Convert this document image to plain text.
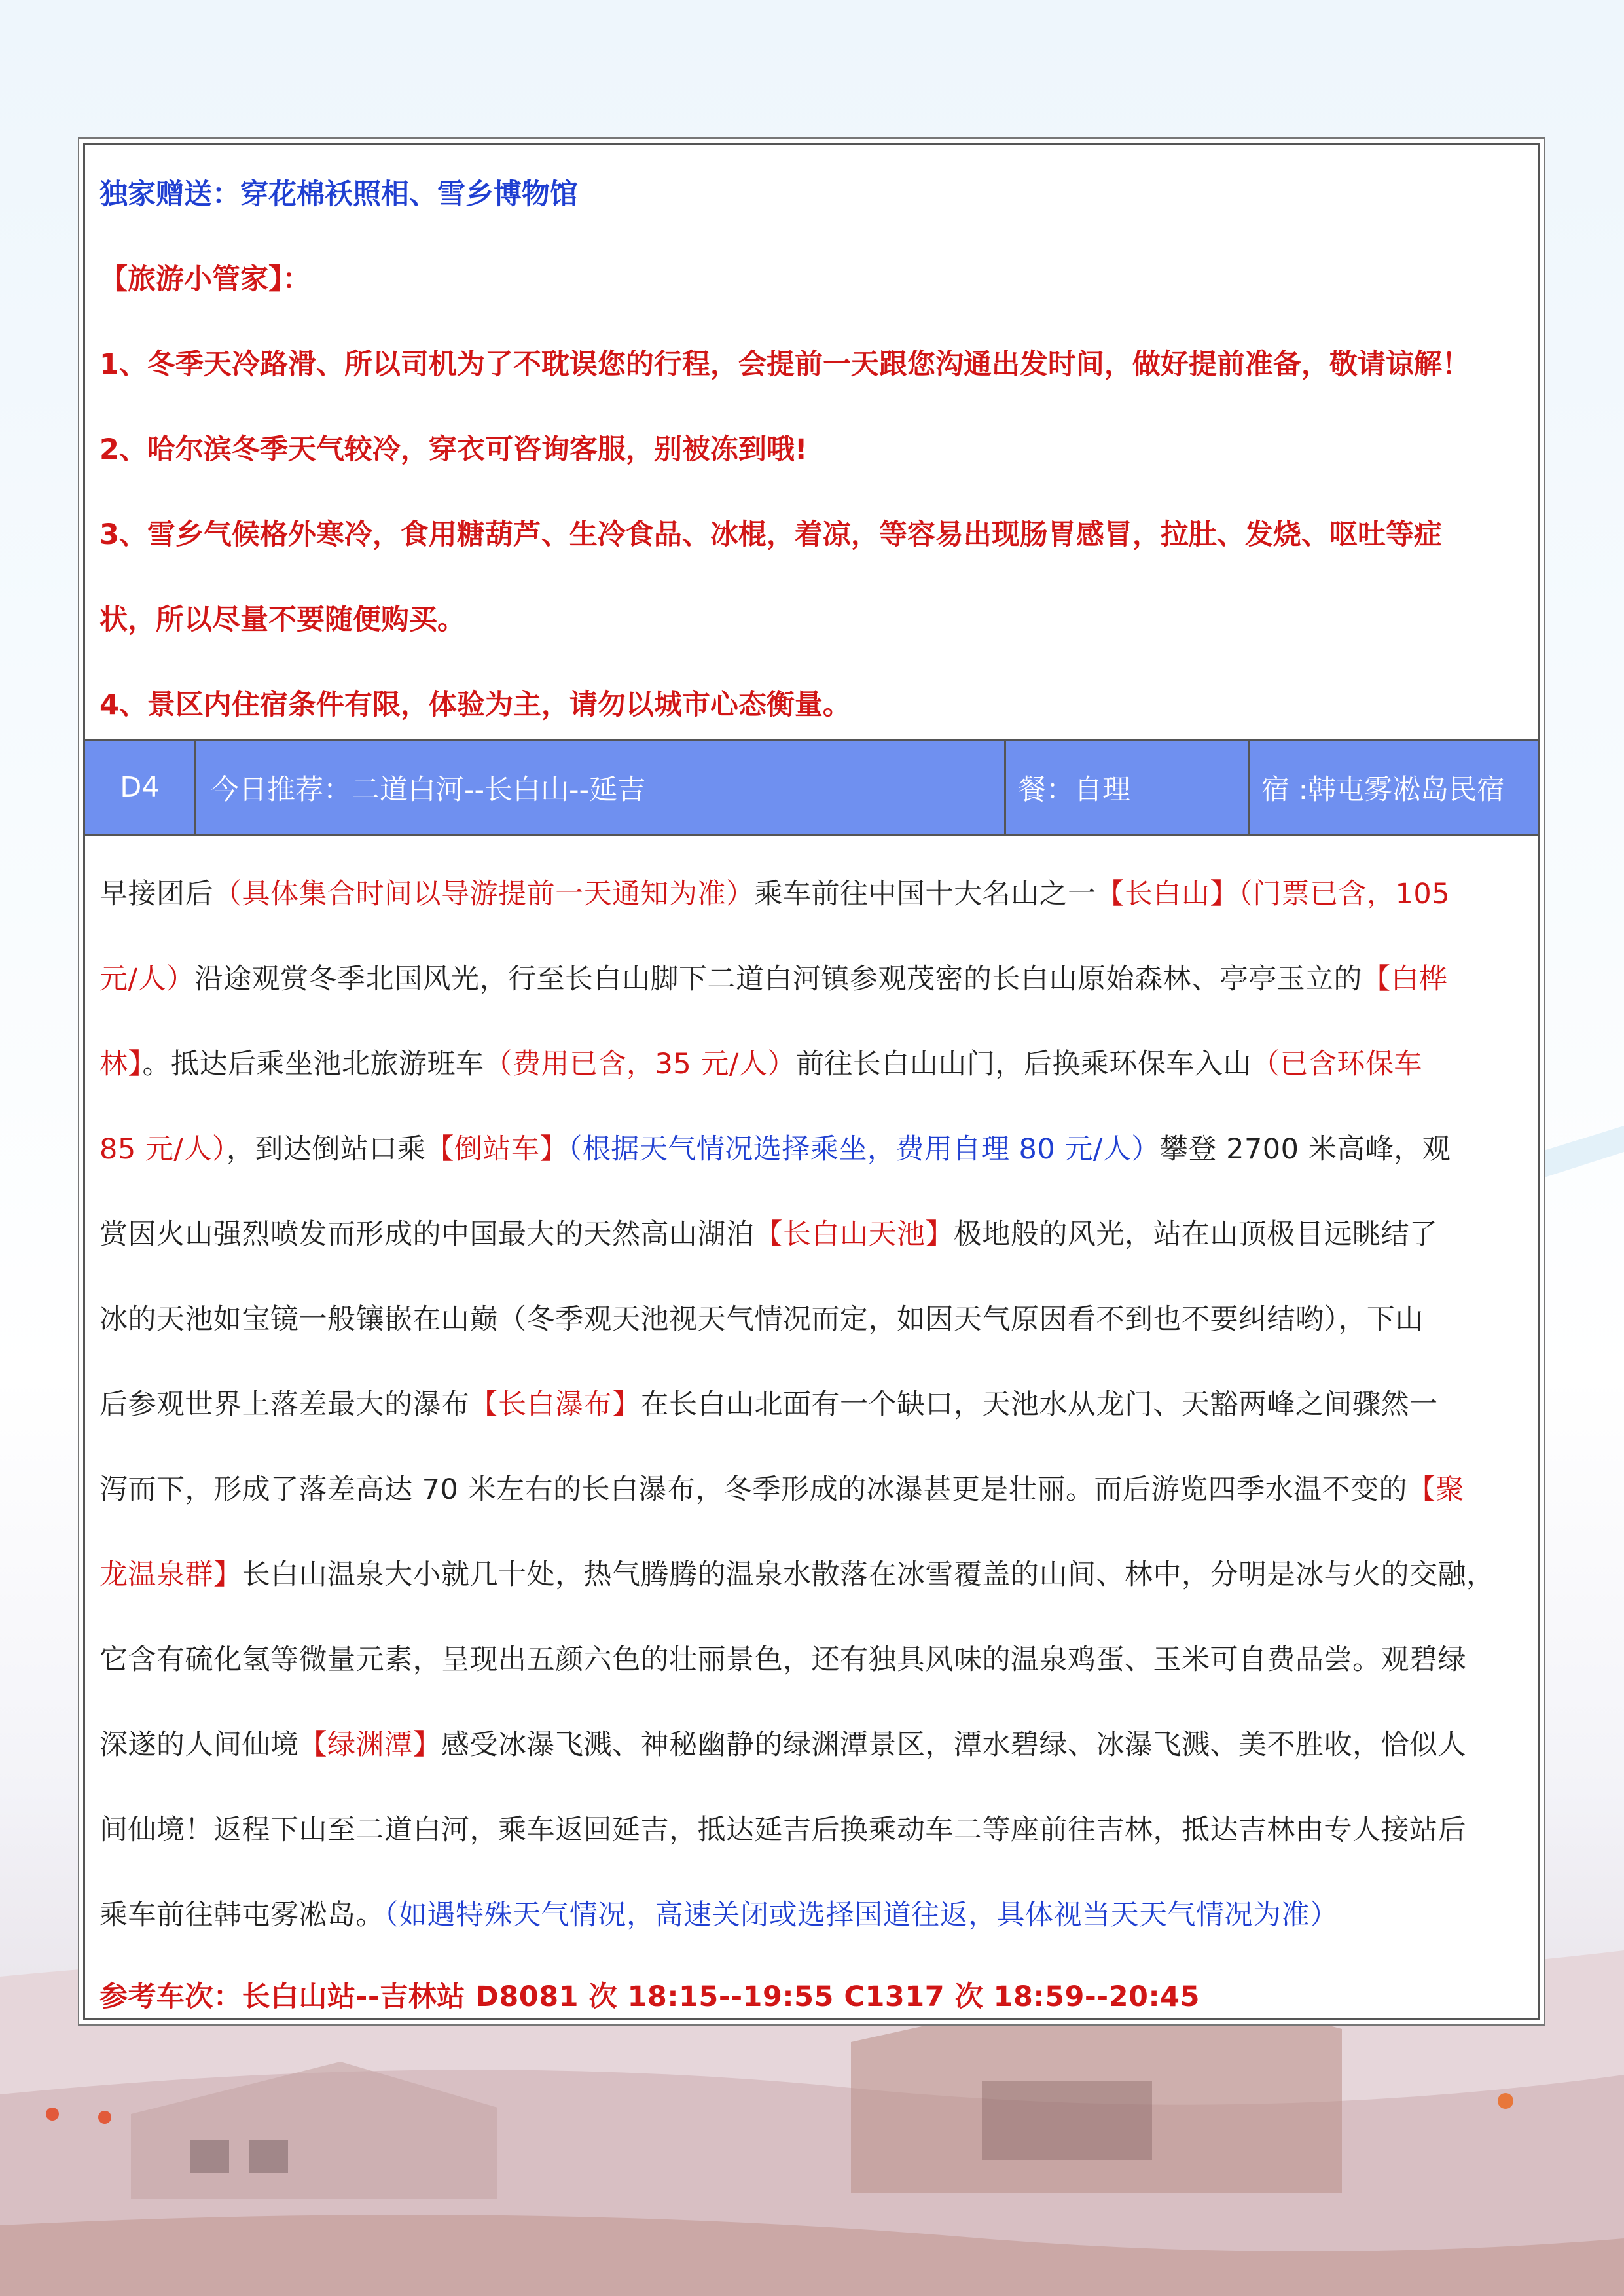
独家赠送：穿花棉袄照相、雪乡博物馆
【旅游小管家】：
1、冬季天冷路滑、所以司机为了不耽误您的行程，会提前一天跟您沟通出发时间，做好提前准备，敬请谅解！
2、哈尔滨冬季天气较冷，穿衣可咨询客服，别被冻到哦!
3、雪乡气候格外寒冷，食用糖葫芦、生冷食品、冰棍，着凉，等容易出现肠胃感冒，拉肚、发烧、呕吐等症
状，所以尽量不要随便购买。
4、景区内住宿条件有限，体验为主，请勿以城市心态衡量。
D4	今日推荐：二道白河--长白山--延吉	餐：自理	宿 :韩屯雾凇岛民宿
早接团后（具体集合时间以导游提前一天通知为准）乘车前往中国十大名山之一【长白山】（门票已含，105
元/人）沿途观赏冬季北国风光，行至长白山脚下二道白河镇参观茂密的长白山原始森林、亭亭玉立的【白桦
林】。抵达后乘坐池北旅游班车（费用已含，35 元/人）前往长白山山门，后换乘环保车入山（已含环保车
85 元/人），到达倒站口乘【倒站车】（根据天气情况选择乘坐，费用自理 80 元/人）攀登 2700 米高峰，观
赏因火山强烈喷发而形成的中国最大的天然高山湖泊【长白山天池】极地般的风光，站在山顶极目远眺结了
冰的天池如宝镜一般镶嵌在山巅（冬季观天池视天气情况而定，如因天气原因看不到也不要纠结哟），下山
后参观世界上落差最大的瀑布【长白瀑布】在长白山北面有一个缺口，天池水从龙门、天豁两峰之间骤然一
泻而下，形成了落差高达 70 米左右的长白瀑布，冬季形成的冰瀑甚更是壮丽。而后游览四季水温不变的【聚
龙温泉群】长白山温泉大小就几十处，热气腾腾的温泉水散落在冰雪覆盖的山间、林中，分明是冰与火的交融，
它含有硫化氢等微量元素，呈现出五颜六色的壮丽景色，还有独具风味的温泉鸡蛋、玉米可自费品尝。观碧绿
深遂的人间仙境【绿渊潭】感受冰瀑飞溅、神秘幽静的绿渊潭景区，潭水碧绿、冰瀑飞溅、美不胜收，恰似人
间仙境！返程下山至二道白河，乘车返回延吉，抵达延吉后换乘动车二等座前往吉林，抵达吉林由专人接站后
乘车前往韩屯雾凇岛。（如遇特殊天气情况，高速关闭或选择国道往返，具体视当天天气情况为准）
参考车次：长白山站--吉林站 D8081 次 18:15--19:55 C1317 次 18:59--20:45
